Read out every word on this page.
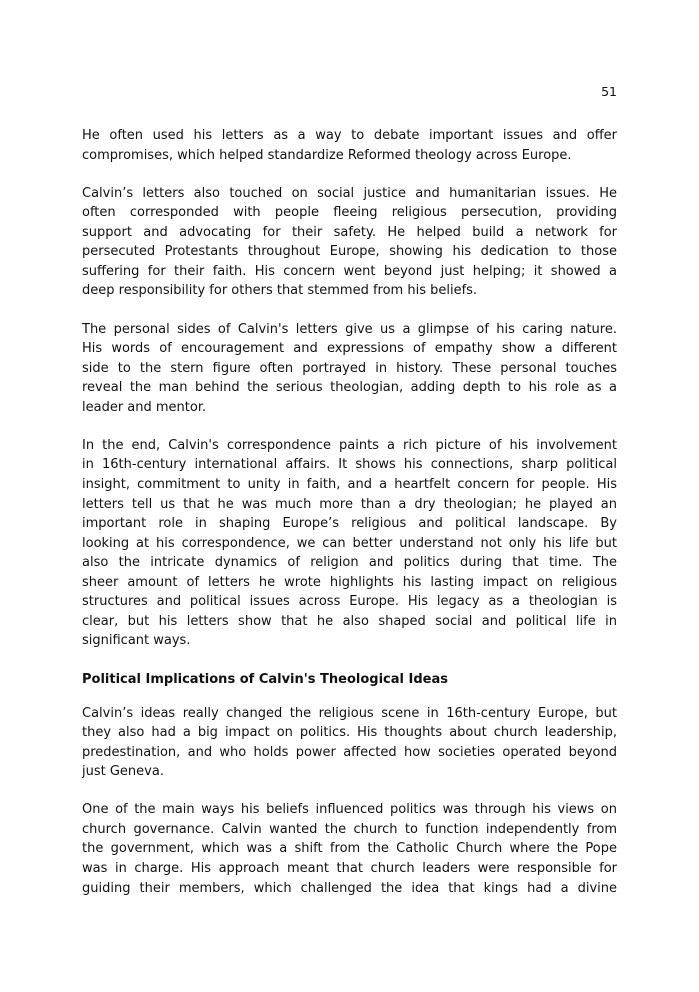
51
He often used his letters as a way to debate important issues and offer
compromises, which helped standardize Reformed theology across Europe.
Calvin’s letters also touched on social justice and humanitarian issues. He
often corresponded with people fleeing religious persecution, providing
support and advocating for their safety. He helped build a network for
persecuted Protestants throughout Europe, showing his dedication to those
suffering for their faith. His concern went beyond just helping; it showed a
deep responsibility for others that stemmed from his beliefs.
The personal sides of Calvin's letters give us a glimpse of his caring nature.
His words of encouragement and expressions of empathy show a different
side to the stern figure often portrayed in history. These personal touches
reveal the man behind the serious theologian, adding depth to his role as a
leader and mentor.
In the end, Calvin's correspondence paints a rich picture of his involvement
in 16th-century international affairs. It shows his connections, sharp political
insight, commitment to unity in faith, and a heartfelt concern for people. His
letters tell us that he was much more than a dry theologian; he played an
important role in shaping Europe’s religious and political landscape. By
looking at his correspondence, we can better understand not only his life but
also the intricate dynamics of religion and politics during that time. The
sheer amount of letters he wrote highlights his lasting impact on religious
structures and political issues across Europe. His legacy as a theologian is
clear, but his letters show that he also shaped social and political life in
significant ways.
Political Implications of Calvin's Theological Ideas
Calvin’s ideas really changed the religious scene in 16th-century Europe, but
they also had a big impact on politics. His thoughts about church leadership,
predestination, and who holds power affected how societies operated beyond
just Geneva.
One of the main ways his beliefs influenced politics was through his views on
church governance. Calvin wanted the church to function independently from
the government, which was a shift from the Catholic Church where the Pope
was in charge. His approach meant that church leaders were responsible for
guiding their members, which challenged the idea that kings had a divine
